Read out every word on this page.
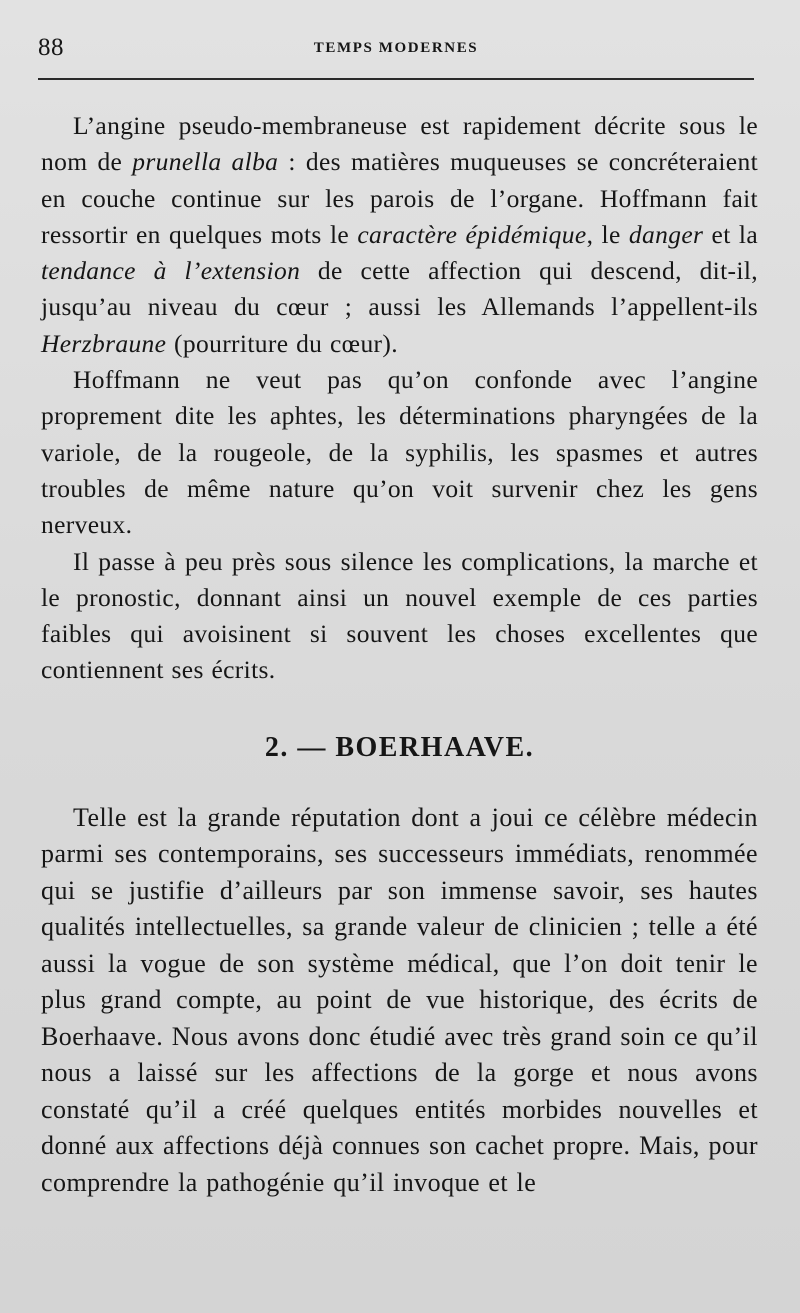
88	TEMPS MODERNES

L’angine pseudo-membraneuse est rapidement décrite sous le nom de prunella alba : des matières muqueuses se concréteraient en couche continue sur les parois de l’organe. Hoffmann fait ressortir en quelques mots le caractère épidémique, le danger et la tendance à l’extension de cette affection qui descend, dit-il, jusqu’au niveau du cœur ; aussi les Allemands l’appellent-ils Herzbraune (pourriture du cœur).

Hoffmann ne veut pas qu’on confonde avec l’angine proprement dite les aphtes, les déterminations pharyngées de la variole, de la rougeole, de la syphilis, les spasmes et autres troubles de même nature qu’on voit survenir chez les gens nerveux.

Il passe à peu près sous silence les complications, la marche et le pronostic, donnant ainsi un nouvel exemple de ces parties faibles qui avoisinent si souvent les choses excellentes que contiennent ses écrits.

2. — BOERHAAVE.

Telle est la grande réputation dont a joui ce célèbre médecin parmi ses contemporains, ses successeurs immédiats, renommée qui se justifie d’ailleurs par son immense savoir, ses hautes qualités intellectuelles, sa grande valeur de clinicien ; telle a été aussi la vogue de son système médical, que l’on doit tenir le plus grand compte, au point de vue historique, des écrits de Boerhaave. Nous avons donc étudié avec très grand soin ce qu’il nous a laissé sur les affections de la gorge et nous avons constaté qu’il a créé quelques entités morbides nouvelles et donné aux affections déjà connues son cachet propre. Mais, pour comprendre la pathogénie qu’il invoque et le
